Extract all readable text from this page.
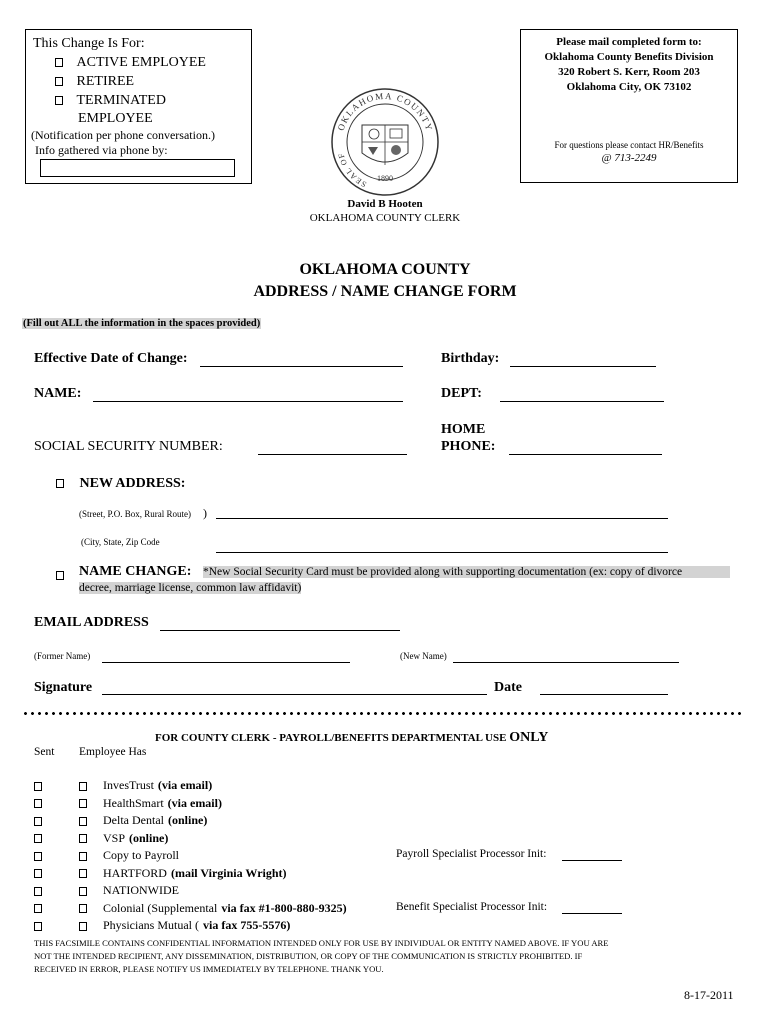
This Change Is For:
ACTIVE EMPLOYEE
RETIREE
TERMINATED
EMPLOYEE
(Notification per phone conversation.)
Info gathered via phone by:
OKLAHOMA COUNTY
SEAL OF
1890
Please mail completed form to:
Oklahoma County Benefits Division
320 Robert S. Kerr, Room 203
Oklahoma City, OK 73102
For questions please contact HR/Benefits
@ 713-2249
David B Hooten
OKLAHOMA COUNTY CLERK
OKLAHOMA COUNTY
ADDRESS / NAME CHANGE FORM
(Fill out ALL the information in the spaces provided)
Effective Date of Change:	Birthday:
NAME:	DEPT:
SOCIAL SECURITY NUMBER:
HOME
PHONE:
NEW ADDRESS:
(Street, P.O. Box, Rural Route) )
(City, State, Zip Code
NAME CHANGE: *New Social Security Card must be provided along with supporting documentation (ex: copy of divorce
decree, marriage license, common law affidavit)
EMAIL ADDRESS
(Former Name)	(New Name)
Signature	Date
FOR COUNTY CLERK - PAYROLL/BENEFITS DEPARTMENTAL USE ONLY
Sent Employee Has
InvesTrust (via email)
HealthSmart (via email)
Delta Dental (online)
VSP (online)
Copy to Payroll
HARTFORD (mail Virginia Wright)
NATIONWIDE
Colonial (Supplemental via fax #1-800-880-9325)
Physicians Mutual ( via fax 755-5576)
Payroll Specialist Processor Init:
Benefit Specialist Processor Init:
THIS FACSIMILE CONTAINS CONFIDENTIAL INFORMATION INTENDED ONLY FOR USE BY INDIVIDUAL OR ENTITY NAMED ABOVE. IF YOU ARE
NOT THE INTENDED RECIPIENT, ANY DISSEMINATION, DISTRIBUTION, OR COPY OF THE COMMUNICATION IS STRICTLY PROHIBITED. IF
RECEIVED IN ERROR, PLEASE NOTIFY US IMMEDIATELY BY TELEPHONE. THANK YOU.
8-17-2011
